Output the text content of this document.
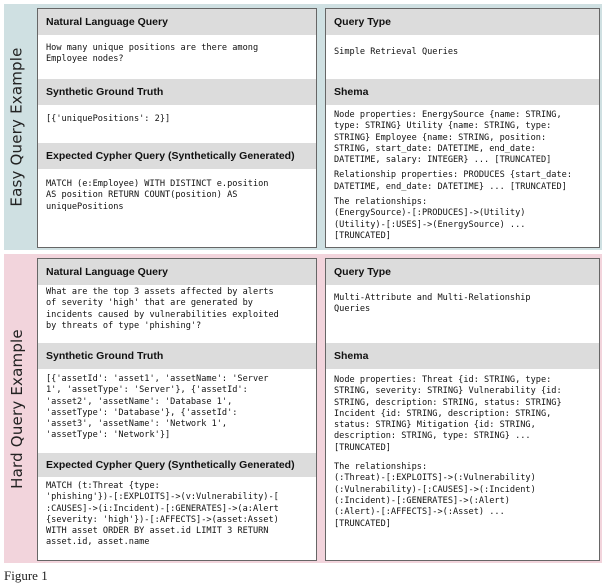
Easy Query Example
Natural Language Query
How many unique positions are there among
Employee nodes?
Synthetic Ground Truth
[{'uniquePositions': 2}]
Expected Cypher Query (Synthetically Generated)
MATCH (e:Employee) WITH DISTINCT e.position
AS position RETURN COUNT(position) AS
uniquePositions
Query Type
Simple Retrieval Queries
Shema
Node properties: EnergySource {name: STRING,
type: STRING} Utility {name: STRING, type:
STRING} Employee {name: STRING, position:
STRING, start_date: DATETIME, end_date:
DATETIME, salary: INTEGER} ... [TRUNCATED]
Relationship properties: PRODUCES {start_date:
DATETIME, end_date: DATETIME} ... [TRUNCATED]
The relationships:
(EnergySource)-[:PRODUCES]->(Utility)
(Utility)-[:USES]->(EnergySource) ...
[TRUNCATED]
Hard Query Example
Natural Language Query
What are the top 3 assets affected by alerts
of severity 'high' that are generated by
incidents caused by vulnerabilities exploited
by threats of type 'phishing'?
Synthetic Ground Truth
[{'assetId': 'asset1', 'assetName': 'Server
1', 'assetType': 'Server'}, {'assetId':
'asset2', 'assetName': 'Database 1',
'assetType': 'Database'}, {'assetId':
'asset3', 'assetName': 'Network 1',
'assetType': 'Network'}]
Expected Cypher Query (Synthetically Generated)
MATCH (t:Threat {type:
'phishing'})-[:EXPLOITS]->(v:Vulnerability)-[
:CAUSES]->(i:Incident)-[:GENERATES]->(a:Alert
{severity: 'high'})-[:AFFECTS]->(asset:Asset)
WITH asset ORDER BY asset.id LIMIT 3 RETURN
asset.id, asset.name
Query Type
Multi-Attribute and Multi-Relationship
Queries
Shema
Node properties: Threat {id: STRING, type:
STRING, severity: STRING} Vulnerability {id:
STRING, description: STRING, status: STRING}
Incident {id: STRING, description: STRING,
status: STRING} Mitigation {id: STRING,
description: STRING, type: STRING} ...
[TRUNCATED]
The relationships:
(:Threat)-[:EXPLOITS]->(:Vulnerability)
(:Vulnerability)-[:CAUSES]->(:Incident)
(:Incident)-[:GENERATES]->(:Alert)
(:Alert)-[:AFFECTS]->(:Asset) ...
[TRUNCATED]
Figure 1
